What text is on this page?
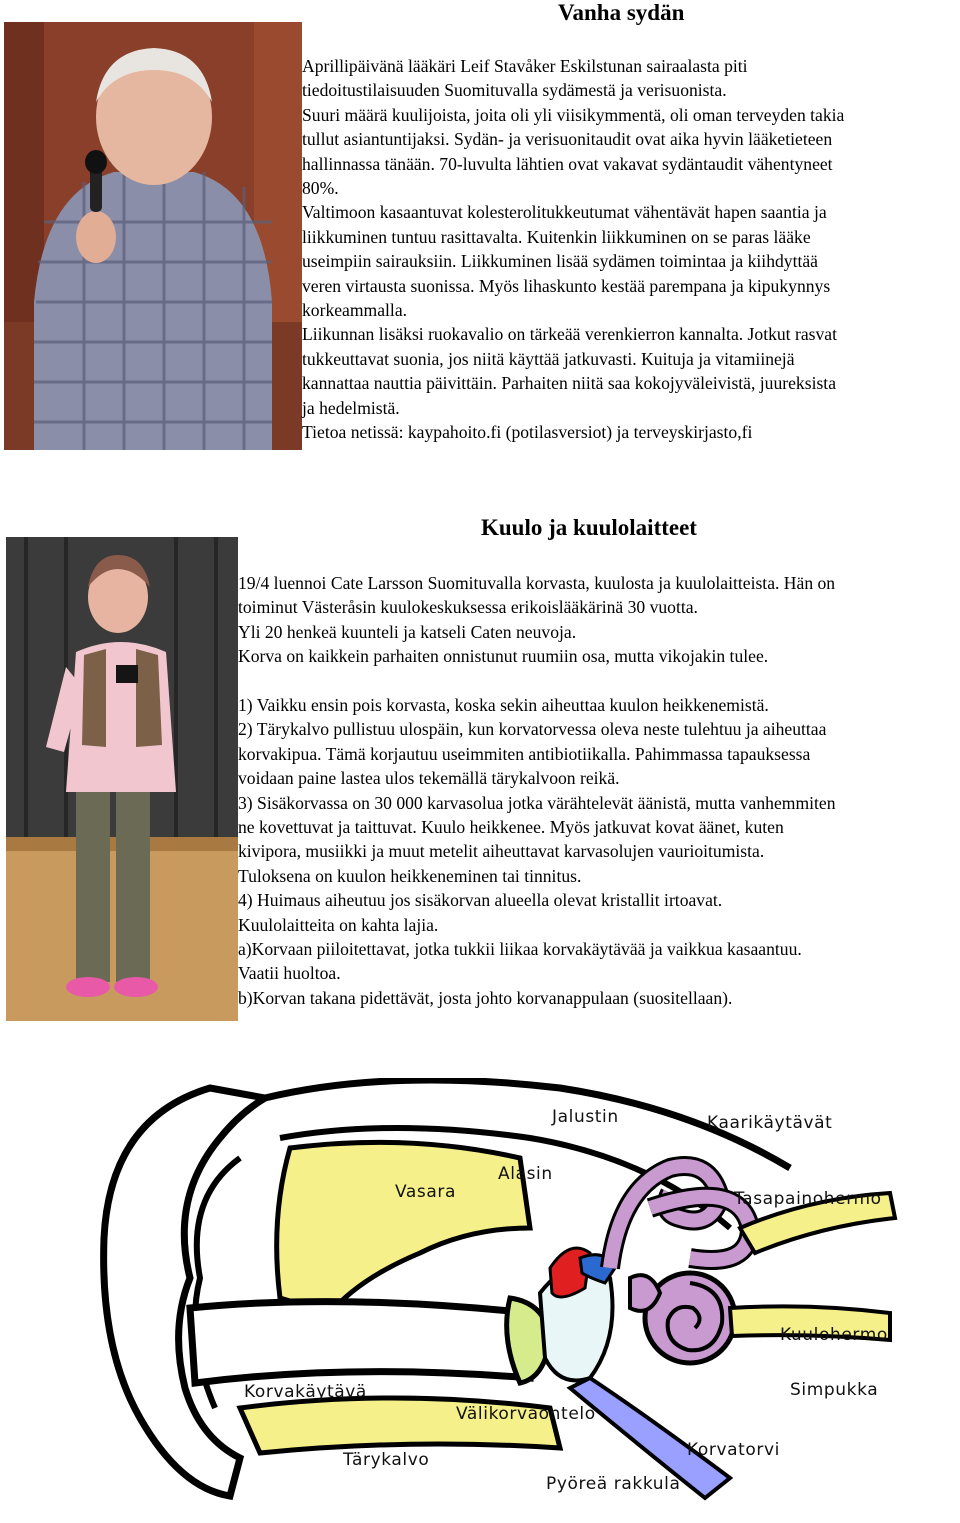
Vanha sydän

Aprillipäivänä lääkäri Leif Stavåker Eskilstunan sairaalasta piti

tiedoitustilaisuuden Suomituvalla sydämestä ja verisuonista.

Suuri määrä kuulijoista, joita oli yli viisikymmentä, oli oman terveyden takia

tullut asiantuntijaksi. Sydän- ja verisuonitaudit ovat aika hyvin lääketieteen

hallinnassa tänään. 70-luvulta lähtien ovat vakavat sydäntaudit vähentyneet

80%.

Valtimoon kasaantuvat kolesterolitukkeutumat vähentävät hapen saantia ja

liikkuminen tuntuu rasittavalta. Kuitenkin liikkuminen on se paras lääke

useimpiin sairauksiin. Liikkuminen lisää sydämen toimintaa ja kiihdyttää

veren virtausta suonissa. Myös lihaskunto kestää parempana ja kipukynnys

korkeammalla.

Liikunnan lisäksi ruokavalio on tärkeää verenkierron kannalta. Jotkut rasvat

tukkeuttavat suonia, jos niitä käyttää jatkuvasti. Kuituja ja vitamiinejä

kannattaa nauttia päivittäin. Parhaiten niitä saa kokojyväleivistä, juureksista

ja hedelmistä.

Tietoa netissä: kaypahoito.fi (potilasversiot) ja terveyskirjasto,fi

Kuulo ja kuulolaitteet

19/4 luennoi Cate Larsson Suomituvalla korvasta, kuulosta ja kuulolaitteista. Hän on

toiminut Västeråsin kuulokeskuksessa erikoislääkärinä 30 vuotta.

Yli 20 henkeä kuunteli ja katseli Caten neuvoja.

Korva on kaikkein parhaiten onnistunut ruumiin osa, mutta vikojakin tulee.

1) Vaikku ensin pois korvasta, koska sekin aiheuttaa kuulon heikkenemistä.

2) Tärykalvo pullistuu ulospäin, kun korvatorvessa oleva neste tulehtuu ja aiheuttaa

korvakipua. Tämä korjautuu useimmiten antibiotiikalla. Pahimmassa tapauksessa

voidaan paine lastea ulos tekemällä tärykalvoon reikä.

3) Sisäkorvassa on 30 000 karvasolua jotka värähtelevät äänistä, mutta vanhemmiten

ne kovettuvat ja taittuvat. Kuulo heikkenee. Myös jatkuvat kovat äänet, kuten

kivipora, musiikki ja muut metelit aiheuttavat karvasolujen vaurioitumista.

Tuloksena on kuulon heikkeneminen tai tinnitus.

4) Huimaus aiheutuu jos sisäkorvan alueella olevat kristallit irtoavat.

Kuulolaitteita on kahta lajia.

a)Korvaan piiloitettavat, jotka tukkii liikaa korvakäytävää ja vaikkua kasaantuu.

Vaatii huoltoa.

b)Korvan takana pidettävät, josta johto korvanappulaan (suositellaan).

Jalustin	Kaarikäytävät
Alasin
Vasara	Tasapainohermo
Kuulohermo
Korvakäytävä	Simpukka
Välikorvaontelo
Tärykalvo	Korvatorvi
Pyöreä rakkula
